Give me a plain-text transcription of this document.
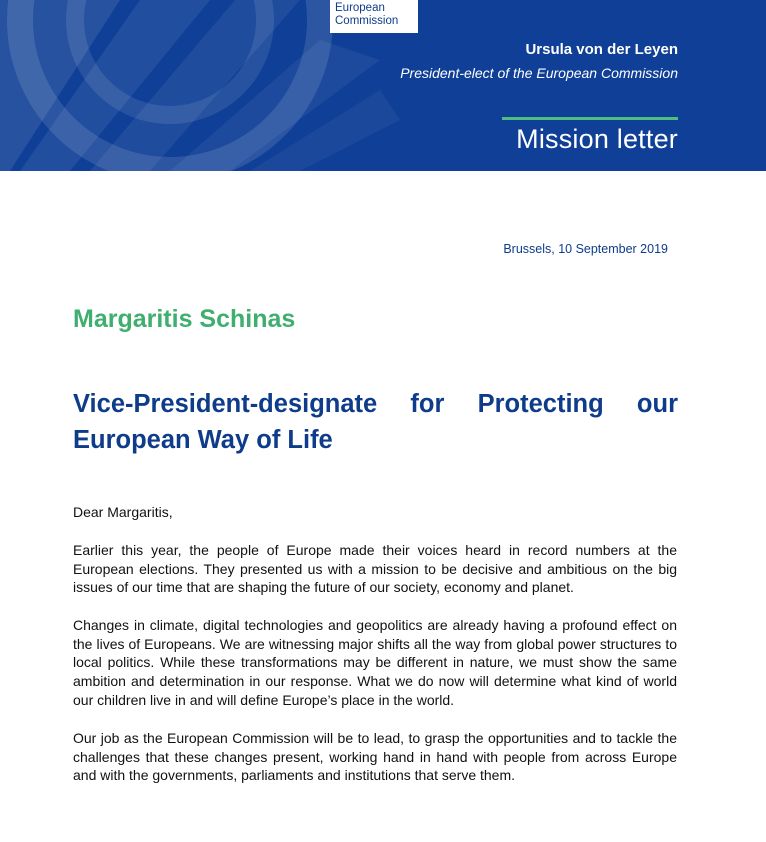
European
Commission
Ursula von der Leyen
President-elect of the European Commission
Mission letter
Brussels, 10 September 2019
Margaritis Schinas
Vice-President-designate for Protecting our European Way of Life
Dear Margaritis,
Earlier this year, the people of Europe made their voices heard in record numbers at the European elections. They presented us with a mission to be decisive and ambitious on the big issues of our time that are shaping the future of our society, economy and planet.
Changes in climate, digital technologies and geopolitics are already having a profound effect on the lives of Europeans. We are witnessing major shifts all the way from global power structures to local politics. While these transformations may be different in nature, we must show the same ambition and determination in our response. What we do now will determine what kind of world our children live in and will define Europe’s place in the world.
Our job as the European Commission will be to lead, to grasp the opportunities and to tackle the challenges that these changes present, working hand in hand with people from across Europe and with the governments, parliaments and institutions that serve them.
